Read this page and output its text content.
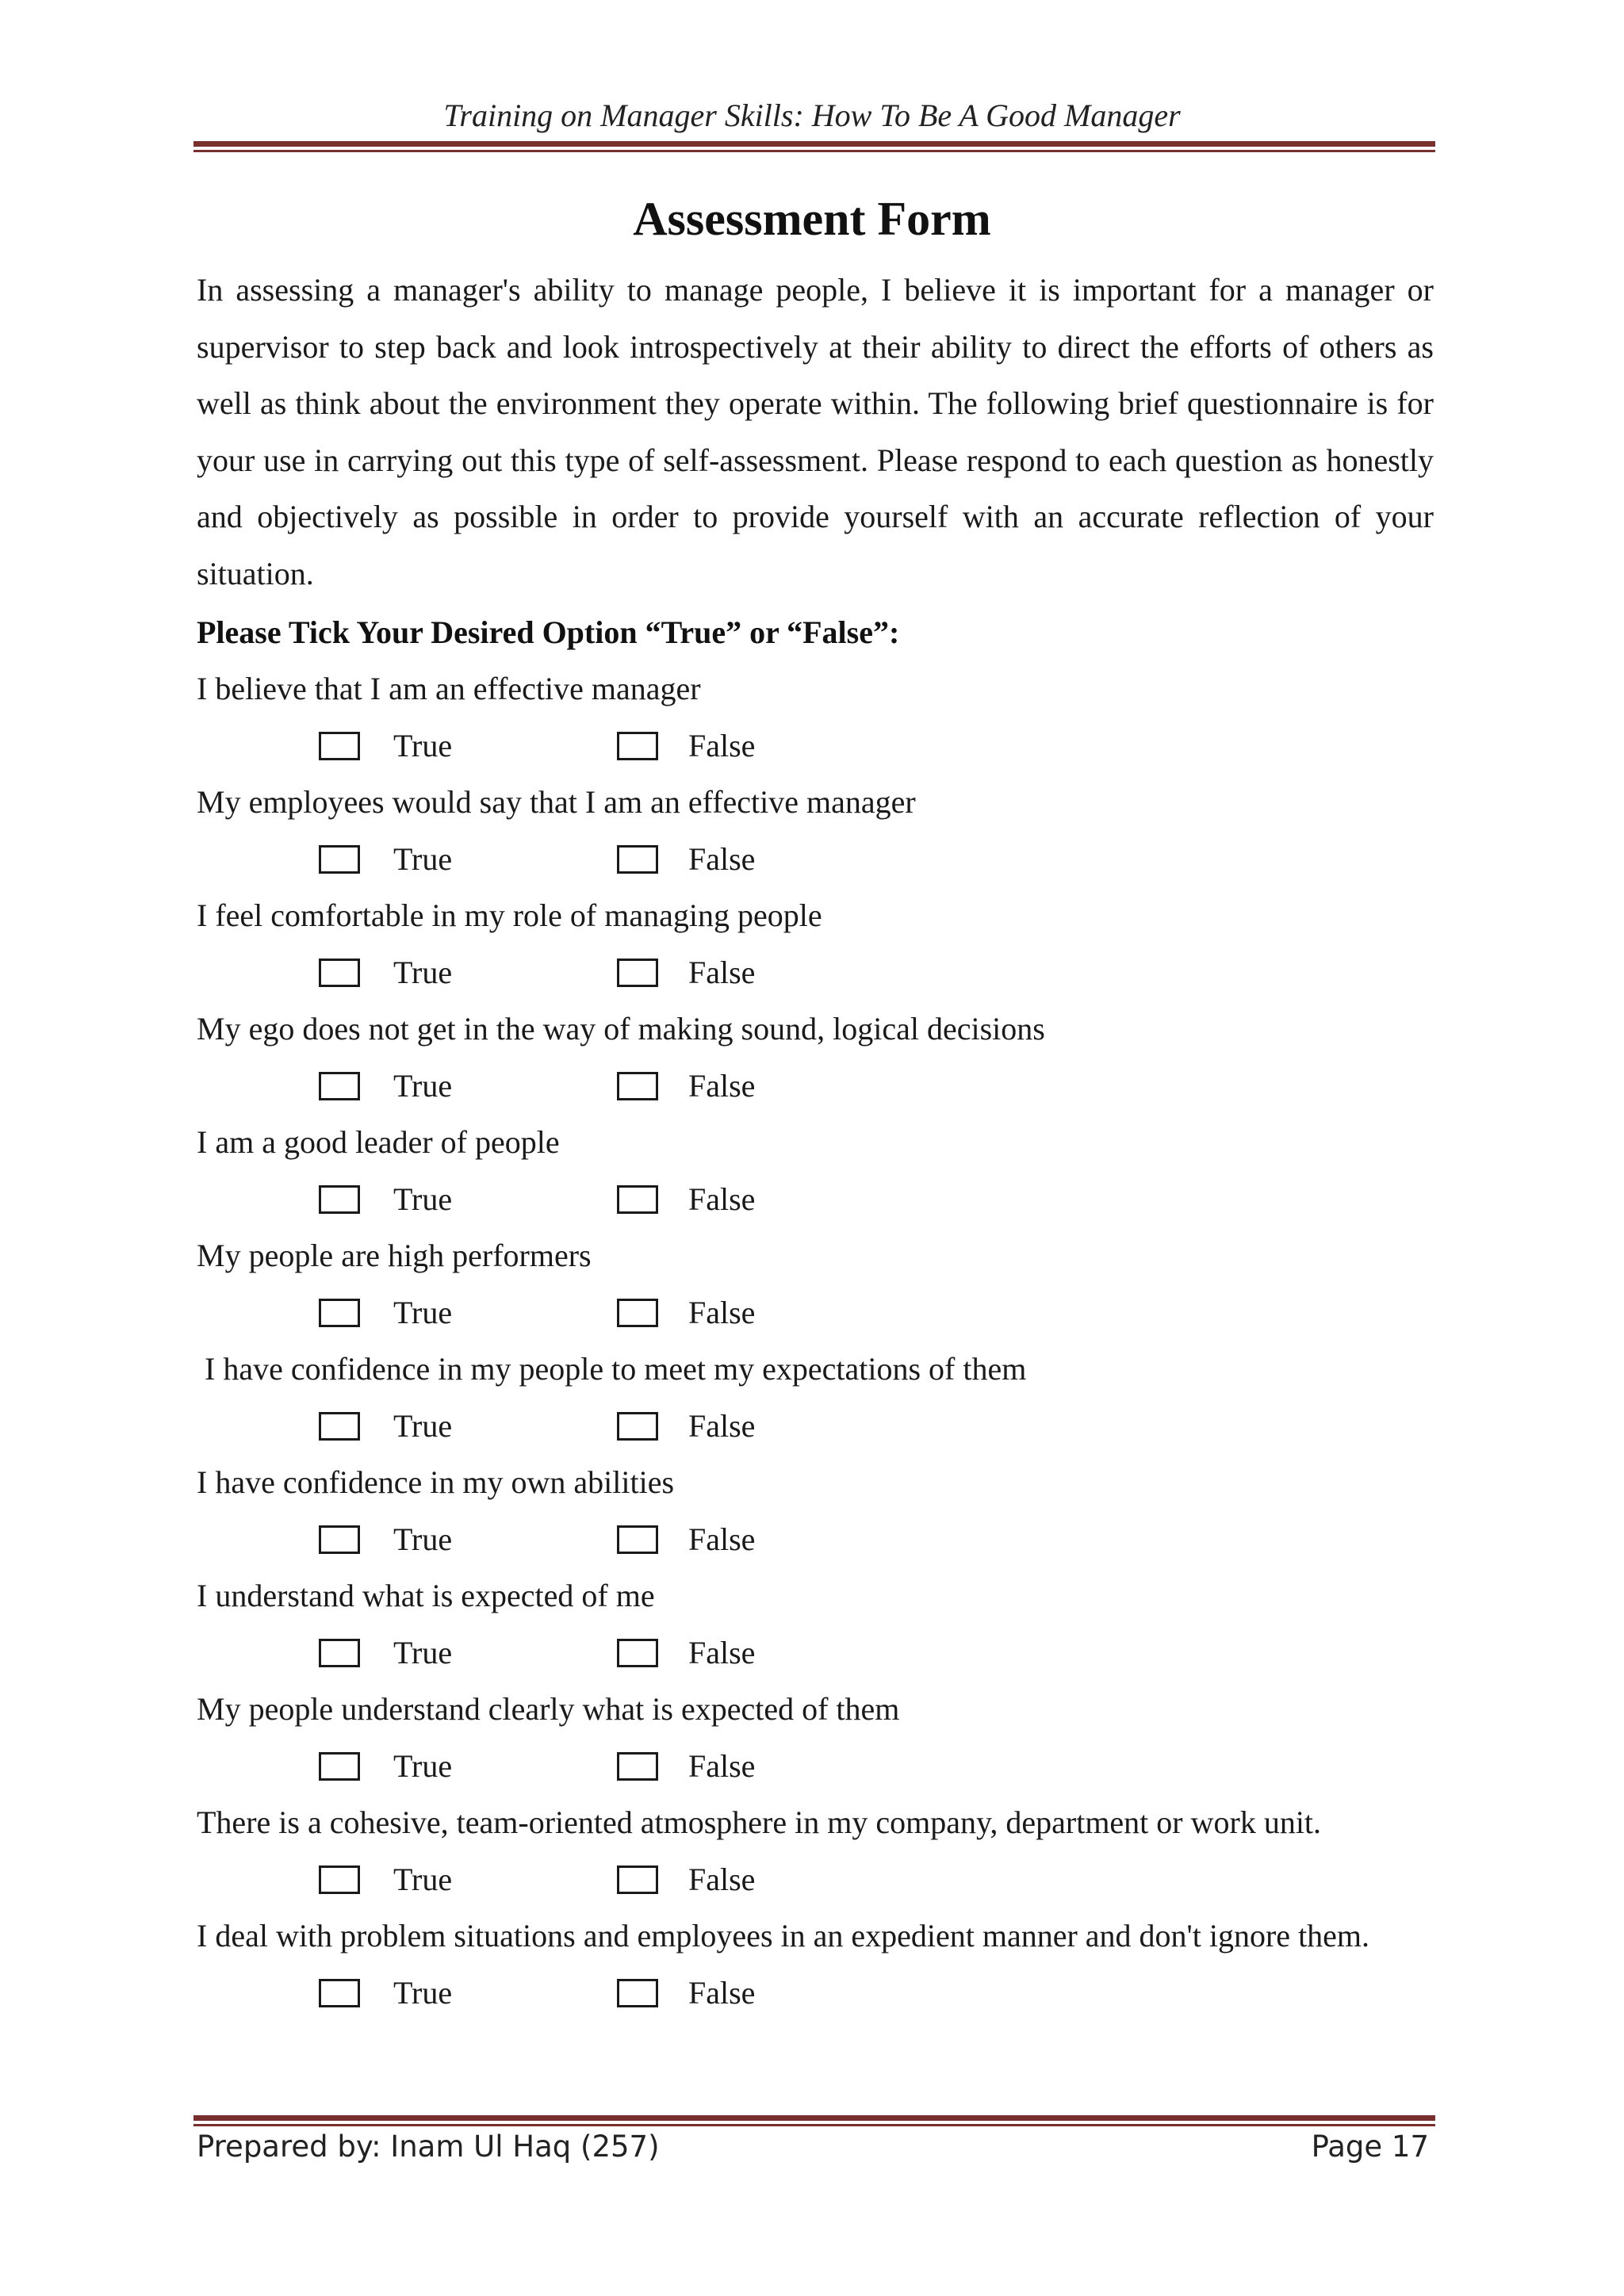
Training on Manager Skills: How To Be A Good Manager
Assessment Form
In assessing a manager's ability to manage people, I believe it is important for a manager or supervisor to step back and look introspectively at their ability to direct the efforts of others as well as think about the environment they operate within. The following brief questionnaire is for your use in carrying out this type of self-assessment. Please respond to each question as honestly and objectively as possible in order to provide yourself with an accurate reflection of your situation.
Please Tick Your Desired Option “True” or “False”:
I believe that I am an effective manager
True	False
My employees would say that I am an effective manager
True	False
I feel comfortable in my role of managing people
True	False
My ego does not get in the way of making sound, logical decisions
True	False
I am a good leader of people
True	False
My people are high performers
True	False
I have confidence in my people to meet my expectations of them
True	False
I have confidence in my own abilities
True	False
I understand what is expected of me
True	False
My people understand clearly what is expected of them
True	False
There is a cohesive, team-oriented atmosphere in my company, department or work unit.
True	False
I deal with problem situations and employees in an expedient manner and don't ignore them.
True	False
Prepared by: Inam Ul Haq (257)	Page 17
